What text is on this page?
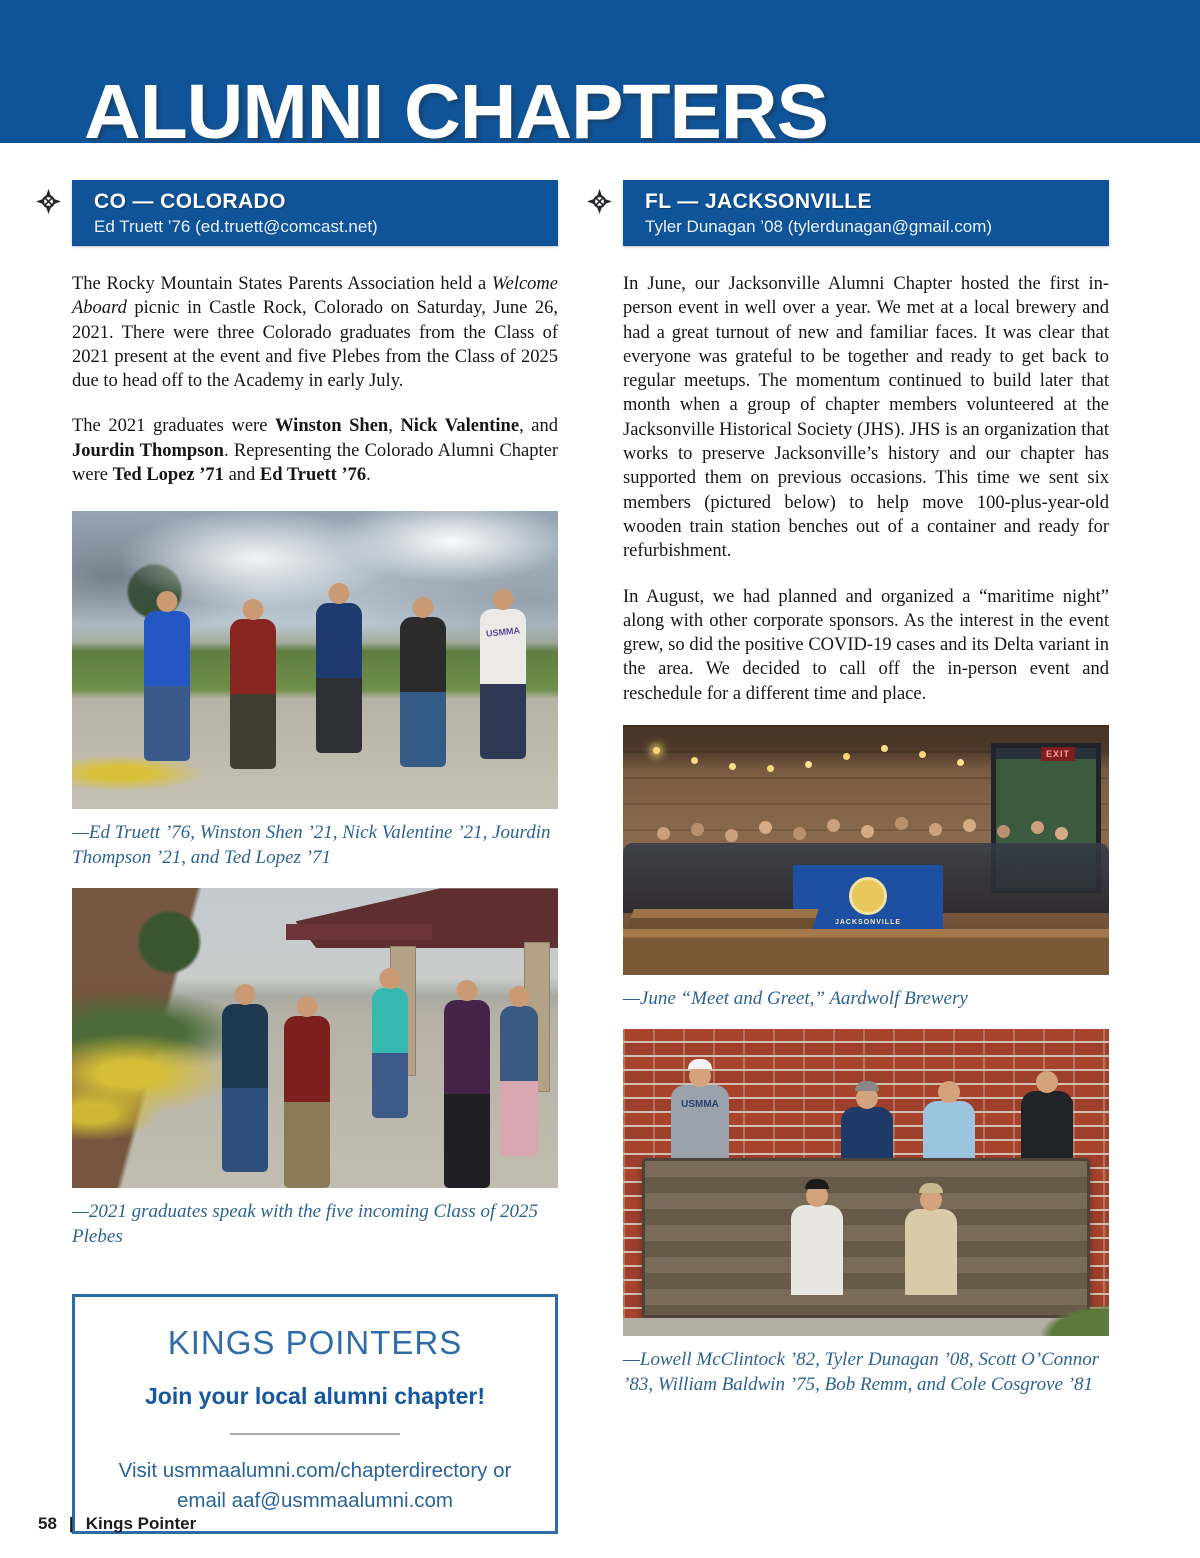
ALUMNI CHAPTERS
CO — COLORADO
Ed Truett ’76 (ed.truett@comcast.net)

The Rocky Mountain States Parents Association held a Welcome Aboard picnic in Castle Rock, Colorado on Saturday, June 26, 2021. There were three Colorado graduates from the Class of 2021 present at the event and five Plebes from the Class of 2025 due to head off to the Academy in early July.

The 2021 graduates were Winston Shen, Nick Valentine, and Jourdin Thompson. Representing the Colorado Alumni Chapter were Ted Lopez ’71 and Ed Truett ’76.

USMMA
—Ed Truett ’76, Winston Shen ’21, Nick Valentine ’21, Jourdin Thompson ’21, and Ted Lopez ’71
—2021 graduates speak with the five incoming Class of 2025 Plebes
KINGS POINTERS
Join your local alumni chapter!
Visit usmmaalumni.com/chapterdirectory or
email aaf@usmmaalumni.com
FL — JACKSONVILLE
Tyler Dunagan ’08 (tylerdunagan@gmail.com)

In June, our Jacksonville Alumni Chapter hosted the first in-person event in well over a year. We met at a local brewery and had a great turnout of new and familiar faces. It was clear that everyone was grateful to be together and ready to get back to regular meetups. The momentum continued to build later that month when a group of chapter members volunteered at the Jacksonville Historical Society (JHS). JHS is an organization that works to preserve Jacksonville’s history and our chapter has supported them on previous occasions. This time we sent six members (pictured below) to help move 100-plus-year-old wooden train station benches out of a container and ready for refurbishment.

In August, we had planned and organized a “maritime night” along with other corporate sponsors. As the interest in the event grew, so did the positive COVID-19 cases and its Delta variant in the area. We decided to call off the in-person event and reschedule for a different time and place.

EXIT
JACKSONVILLE
—June “Meet and Greet,” Aardwolf Brewery
USMMA
—Lowell McClintock ’82, Tyler Dunagan ’08, Scott O’Connor ’83, William Baldwin ’75, Bob Remm, and Cole Cosgrove ’81
58 | Kings Pointer
